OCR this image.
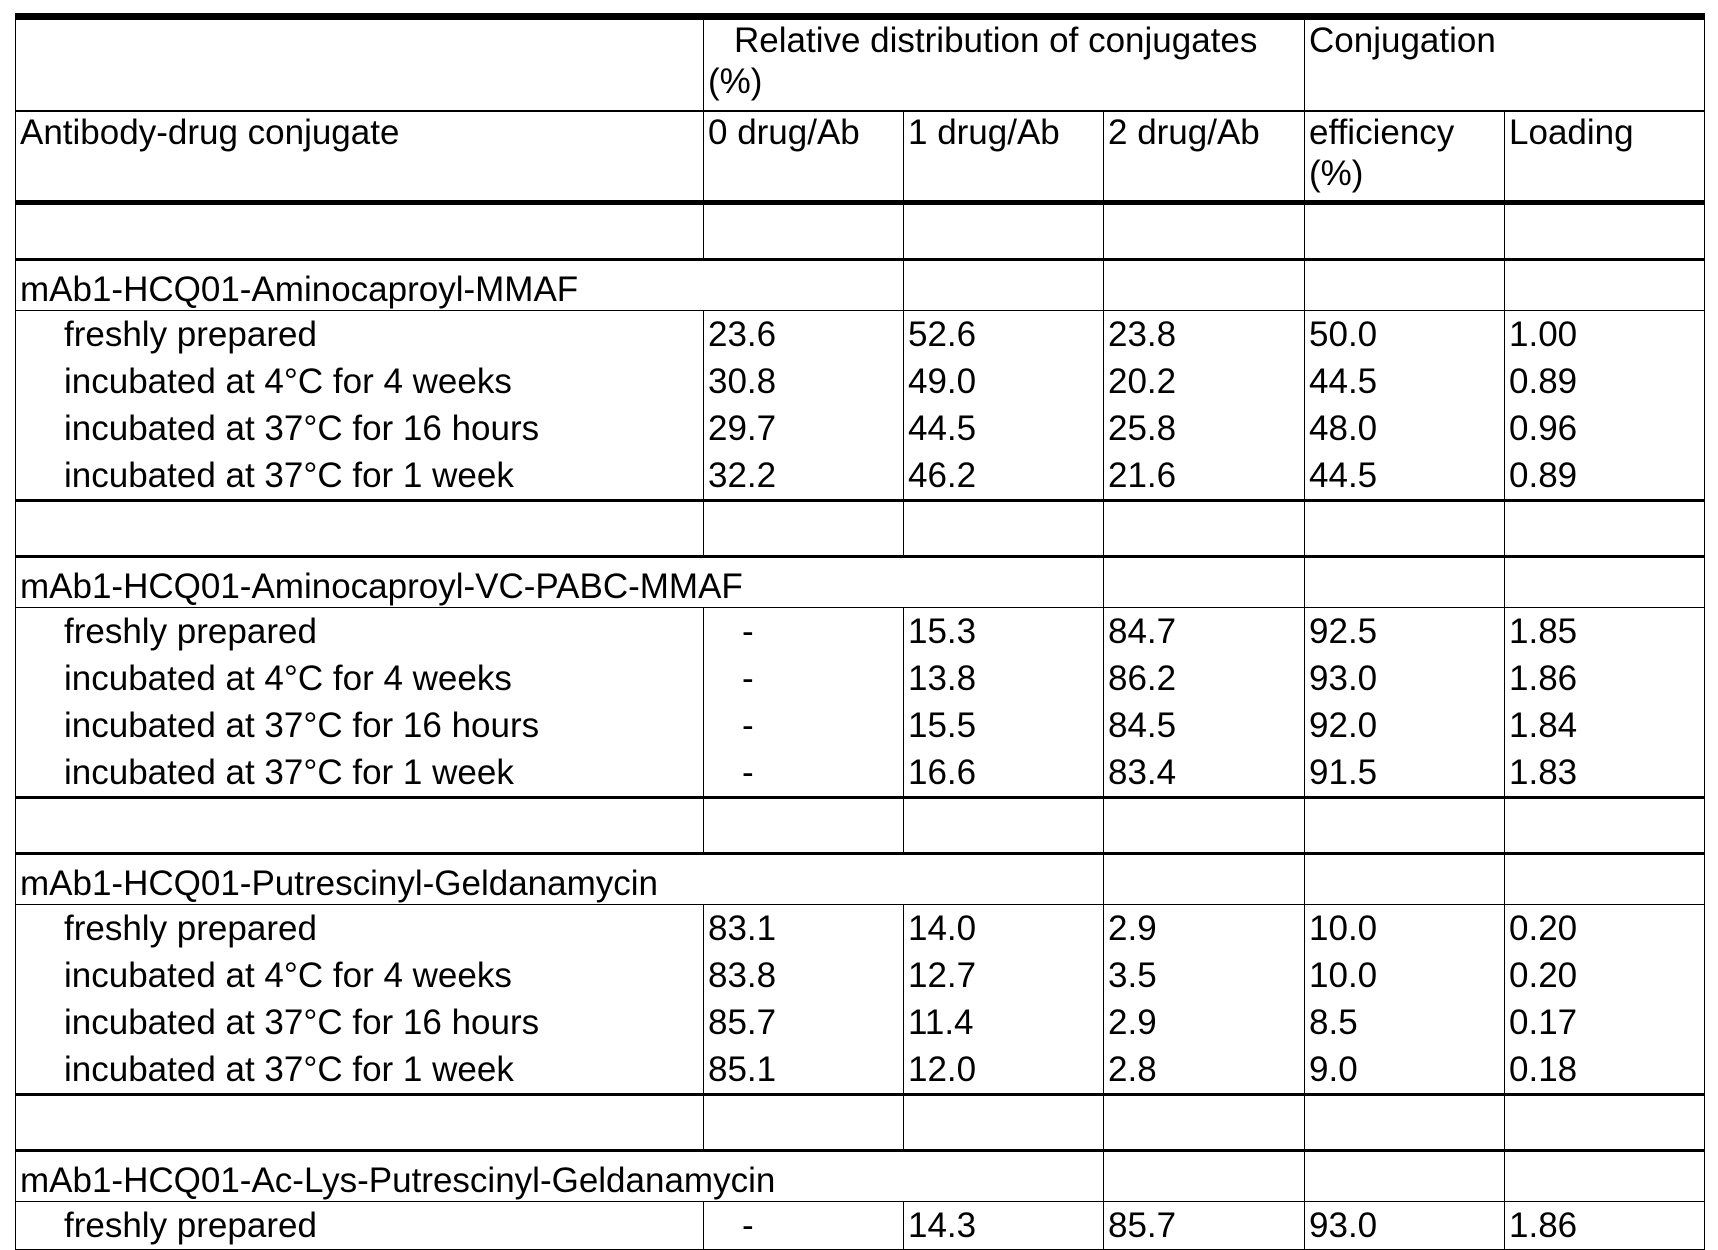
	Relative distribution of conjugates (%)	Conjugation
Antibody-drug conjugate	0 drug/Ab	1 drug/Ab	2 drug/Ab	efficiency (%)	Loading

mAb1-HCQ01-Aminocaproyl-MMAF				
freshly prepared	23.6	52.6	23.8	50.0	1.00
incubated at 4°C for 4 weeks	30.8	49.0	20.2	44.5	0.89
incubated at 37°C for 16 hours	29.7	44.5	25.8	48.0	0.96
incubated at 37°C for 1 week	32.2	46.2	21.6	44.5	0.89

mAb1-HCQ01-Aminocaproyl-VC-PABC-MMAF			
freshly prepared	-	15.3	84.7	92.5	1.85
incubated at 4°C for 4 weeks	-	13.8	86.2	93.0	1.86
incubated at 37°C for 16 hours	-	15.5	84.5	92.0	1.84
incubated at 37°C for 1 week	-	16.6	83.4	91.5	1.83

mAb1-HCQ01-Putrescinyl-Geldanamycin			
freshly prepared	83.1	14.0	2.9	10.0	0.20
incubated at 4°C for 4 weeks	83.8	12.7	3.5	10.0	0.20
incubated at 37°C for 16 hours	85.7	11.4	2.9	8.5	0.17
incubated at 37°C for 1 week	85.1	12.0	2.8	9.0	0.18

mAb1-HCQ01-Ac-Lys-Putrescinyl-Geldanamycin			
freshly prepared	-	14.3	85.7	93.0	1.86
